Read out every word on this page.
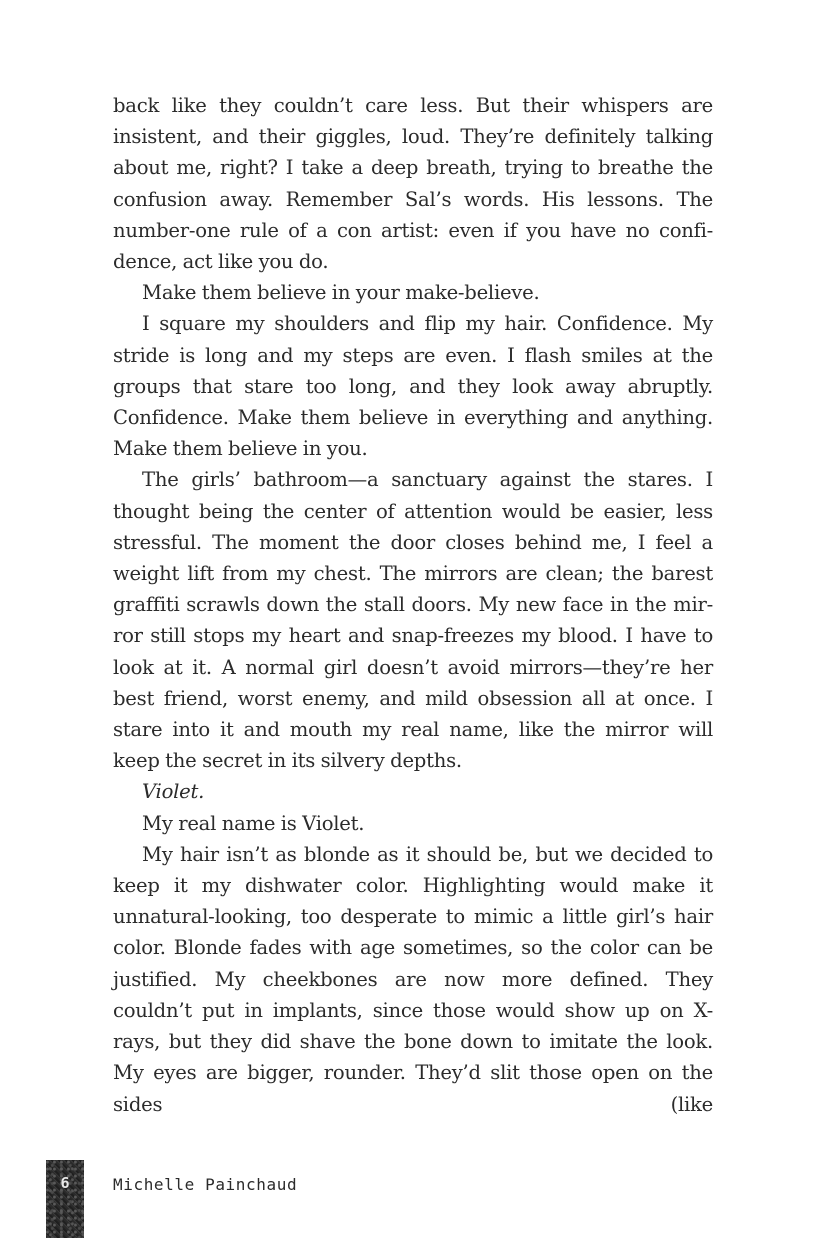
back like they couldn’t care less. But their whispers are insistent, and their giggles, loud. They’re definitely talking about me, right? I take a deep breath, trying to breathe the confusion away. Remember Sal’s words. His lessons. The number-one rule of a con artist: even if you have no confi-dence, act like you do.

Make them believe in your make-believe.

I square my shoulders and flip my hair. Confidence. My stride is long and my steps are even. I flash smiles at the groups that stare too long, and they look away abruptly. Confidence. Make them believe in everything and anything. Make them believe in you.

The girls’ bathroom—a sanctuary against the stares. I thought being the center of attention would be easier, less stressful. The moment the door closes behind me, I feel a weight lift from my chest. The mirrors are clean; the barest graffiti scrawls down the stall doors. My new face in the mir-ror still stops my heart and snap-freezes my blood. I have to look at it. A normal girl doesn’t avoid mirrors—they’re her best friend, worst enemy, and mild obsession all at once. I stare into it and mouth my real name, like the mirror will keep the secret in its silvery depths.

Violet.

My real name is Violet.

My hair isn’t as blonde as it should be, but we decided to keep it my dishwater color. Highlighting would make it unnatural-looking, too desperate to mimic a little girl’s hair color. Blonde fades with age sometimes, so the color can be justified. My cheekbones are now more defined. They couldn’t put in implants, since those would show up on X-rays, but they did shave the bone down to imitate the look. My eyes are bigger, rounder. They’d slit those open on the sides (like

6	Michelle Painchaud
